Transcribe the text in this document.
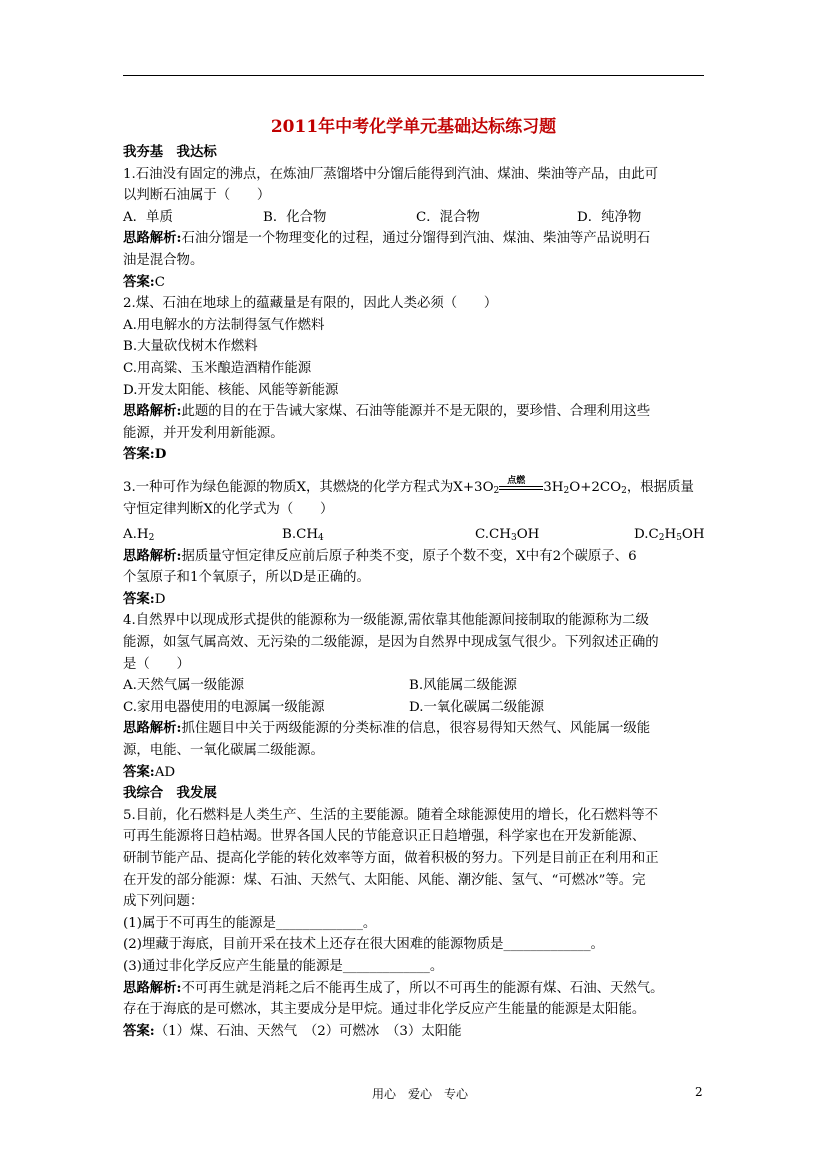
2011年中考化学单元基础达标练习题
我夯基　我达标
1.石油没有固定的沸点，在炼油厂蒸馏塔中分馏后能得到汽油、煤油、柴油等产品，由此可
以判断石油属于（　　）
A．单质	B．化合物	C．混合物	D．纯净物
思路解析:石油分馏是一个物理变化的过程，通过分馏得到汽油、煤油、柴油等产品说明石
油是混合物。
答案:C
2.煤、石油在地球上的蕴藏量是有限的，因此人类必须（　　）
A.用电解水的方法制得氢气作燃料
B.大量砍伐树木作燃料
C.用高粱、玉米酿造酒精作能源
D.开发太阳能、核能、风能等新能源
思路解析:此题的目的在于告诫大家煤、石油等能源并不是无限的，要珍惜、合理利用这些
能源，并开发利用新能源。
答案:D
3.一种可作为绿色能源的物质X，其燃烧的化学方程式为$X+3O_2$
点燃 $3H_2O+2CO_2$，根据质量
守恒定律判断X的化学式为（　　）
$A.H_2$	$B.CH_4$	$C.CH_3OH$	$D.C_2H_5OH$
思路解析:据质量守恒定律反应前后原子种类不变，原子个数不变，X中有2个碳原子、6
个氢原子和1个氧原子，所以D是正确的。
答案:D
4.自然界中以现成形式提供的能源称为一级能源,需依靠其他能源间接制取的能源称为二级
能源，如氢气属高效、无污染的二级能源，是因为自然界中现成氢气很少。下列叙述正确的
是（　　）
A.天然气属一级能源	B.风能属二级能源
C.家用电器使用的电源属一级能源	D.一氧化碳属二级能源
思路解析:抓住题目中关于两级能源的分类标准的信息，很容易得知天然气、风能属一级能
源，电能、一氧化碳属二级能源。
答案:AD
我综合　我发展
5.目前，化石燃料是人类生产、生活的主要能源。随着全球能源使用的增长，化石燃料等不
可再生能源将日趋枯竭。世界各国人民的节能意识正日趋增强，科学家也在开发新能源、
研制节能产品、提高化学能的转化效率等方面，做着积极的努力。下列是目前正在利用和正
在开发的部分能源：煤、石油、天然气、太阳能、风能、潮汐能、氢气、“可燃冰”等。完
成下列问题：
(1)属于不可再生的能源是_____________。
(2)埋藏于海底，目前开采在技术上还存在很大困难的能源物质是_____________。
(3)通过非化学反应产生能量的能源是_____________。
思路解析:不可再生就是消耗之后不能再生成了，所以不可再生的能源有煤、石油、天然气。
存在于海底的是可燃冰，其主要成分是甲烷。通过非化学反应产生能量的能源是太阳能。
答案:（1）煤、石油、天然气　（2）可燃冰　（3）太阳能
用心　爱心　专心	2
